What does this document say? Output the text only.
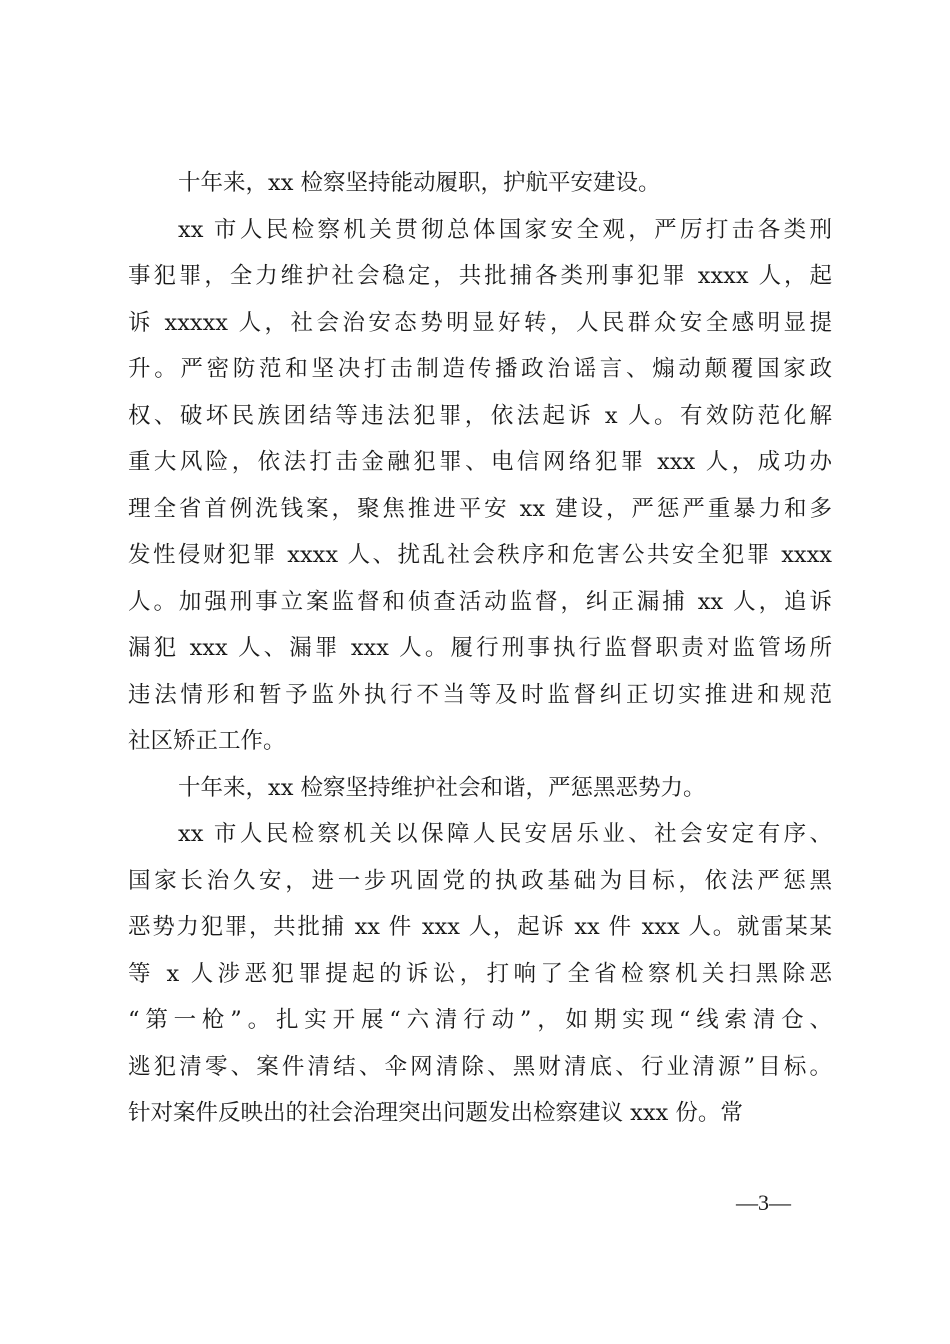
十年来，xx 检察坚持能动履职，护航平安建设。
xx 市人民检察机关贯彻总体国家安全观，严厉打击各类刑
事犯罪，全力维护社会稳定，共批捕各类刑事犯罪 xxxx 人，起
诉 xxxxx 人，社会治安态势明显好转，人民群众安全感明显提
升。严密防范和坚决打击制造传播政治谣言、煽动颠覆国家政
权、破坏民族团结等违法犯罪，依法起诉 x 人。有效防范化解
重大风险，依法打击金融犯罪、电信网络犯罪 xxx 人，成功办
理全省首例洗钱案，聚焦推进平安 xx 建设，严惩严重暴力和多
发性侵财犯罪 xxxx 人、扰乱社会秩序和危害公共安全犯罪 xxxx
人。加强刑事立案监督和侦查活动监督，纠正漏捕 xx 人，追诉
漏犯 xxx 人、漏罪 xxx 人。履行刑事执行监督职责对监管场所
违法情形和暂予监外执行不当等及时监督纠正切实推进和规范
社区矫正工作。
十年来，xx 检察坚持维护社会和谐，严惩黑恶势力。
xx 市人民检察机关以保障人民安居乐业、社会安定有序、
国家长治久安，进一步巩固党的执政基础为目标，依法严惩黑
恶势力犯罪，共批捕 xx 件 xxx 人，起诉 xx 件 xxx 人。就雷某某
等 x 人涉恶犯罪提起的诉讼，打响了全省检察机关扫黑除恶
“第一枪”。扎实开展“六清行动”，如期实现“线索清仓、
逃犯清零、案件清结、伞网清除、黑财清底、行业清源”目标。
针对案件反映出的社会治理突出问题发出检察建议 xxx 份。常
—3—
